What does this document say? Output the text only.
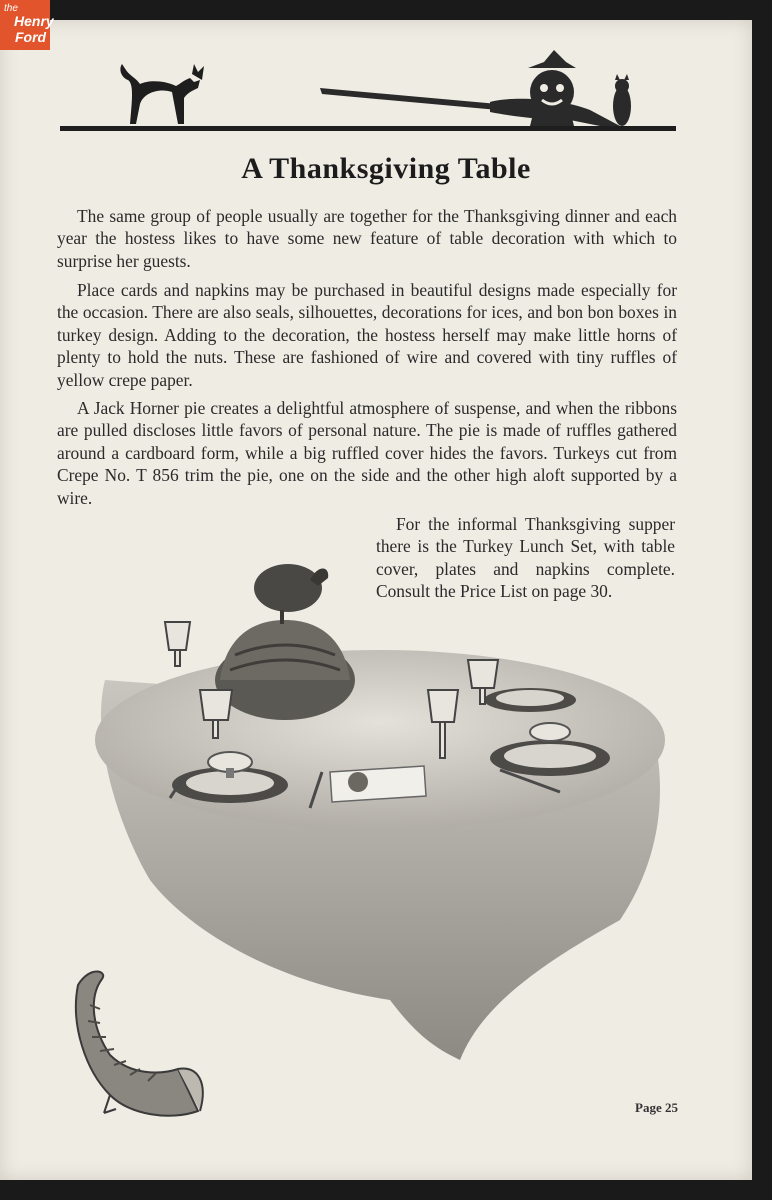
the
Henry
Ford
A Thanksgiving Table

The same group of people usually are together for the Thanksgiving dinner and each year the hostess likes to have some new feature of table decoration with which to surprise her guests.

Place cards and napkins may be purchased in beautiful designs made especially for the occasion. There are also seals, silhouettes, decorations for ices, and bon bon boxes in turkey design. Adding to the decoration, the hostess herself may make little horns of plenty to hold the nuts. These are fashioned of wire and covered with tiny ruffles of yellow crepe paper.

A Jack Horner pie creates a delightful atmosphere of suspense, and when the ribbons are pulled discloses little favors of personal nature. The pie is made of ruffles gathered around a cardboard form, while a big ruffled cover hides the favors. Turkeys cut from Crepe No. T 856 trim the pie, one on the side and the other high aloft supported by a wire.

For the informal Thanksgiving supper there is the Turkey Lunch Set, with table cover, plates and napkins complete. Consult the Price List on page 30.

Page 25
